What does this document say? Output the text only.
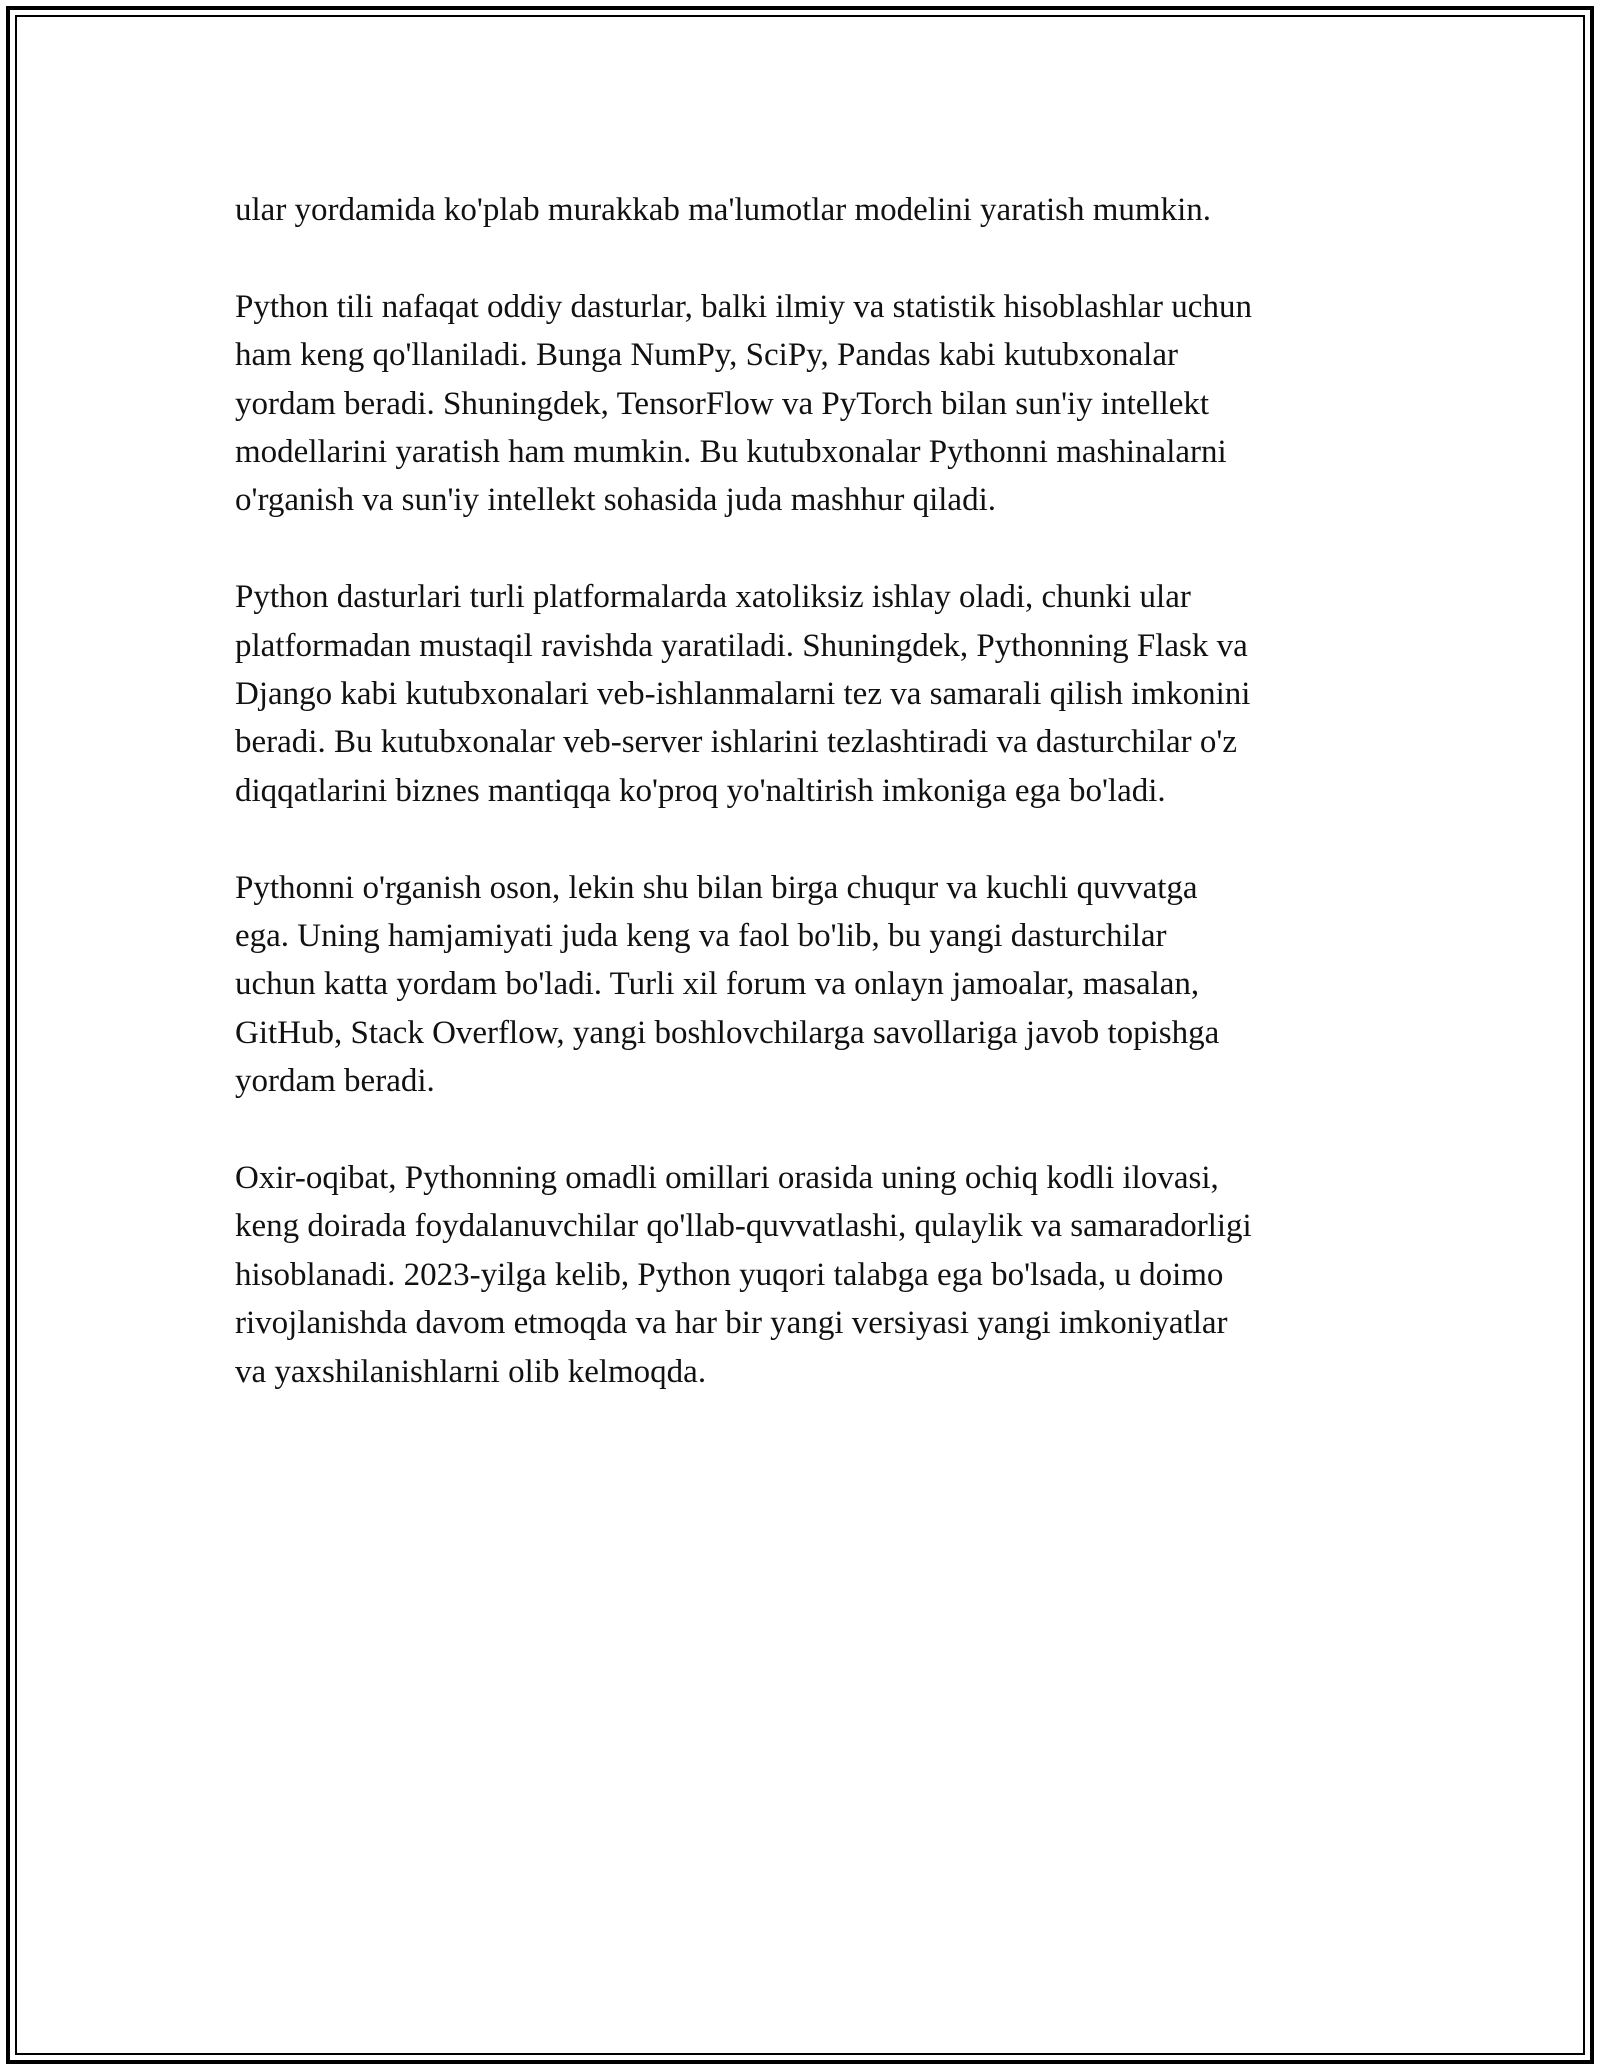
ular yordamida ko'plab murakkab ma'lumotlar modelini yaratish mumkin.

Python tili nafaqat oddiy dasturlar, balki ilmiy va statistik hisoblashlar uchun
ham keng qo'llaniladi. Bunga NumPy, SciPy, Pandas kabi kutubxonalar
yordam beradi. Shuningdek, TensorFlow va PyTorch bilan sun'iy intellekt
modellarini yaratish ham mumkin. Bu kutubxonalar Pythonni mashinalarni
o'rganish va sun'iy intellekt sohasida juda mashhur qiladi.

Python dasturlari turli platformalarda xatoliksiz ishlay oladi, chunki ular
platformadan mustaqil ravishda yaratiladi. Shuningdek, Pythonning Flask va
Django kabi kutubxonalari veb-ishlanmalarni tez va samarali qilish imkonini
beradi. Bu kutubxonalar veb-server ishlarini tezlashtiradi va dasturchilar o'z
diqqatlarini biznes mantiqqa ko'proq yo'naltirish imkoniga ega bo'ladi.

Pythonni o'rganish oson, lekin shu bilan birga chuqur va kuchli quvvatga
ega. Uning hamjamiyati juda keng va faol bo'lib, bu yangi dasturchilar
uchun katta yordam bo'ladi. Turli xil forum va onlayn jamoalar, masalan,
GitHub, Stack Overflow, yangi boshlovchilarga savollariga javob topishga
yordam beradi.

Oxir-oqibat, Pythonning omadli omillari orasida uning ochiq kodli ilovasi,
keng doirada foydalanuvchilar qo'llab-quvvatlashi, qulaylik va samaradorligi
hisoblanadi. 2023-yilga kelib, Python yuqori talabga ega bo'lsada, u doimo
rivojlanishda davom etmoqda va har bir yangi versiyasi yangi imkoniyatlar
va yaxshilanishlarni olib kelmoqda.
